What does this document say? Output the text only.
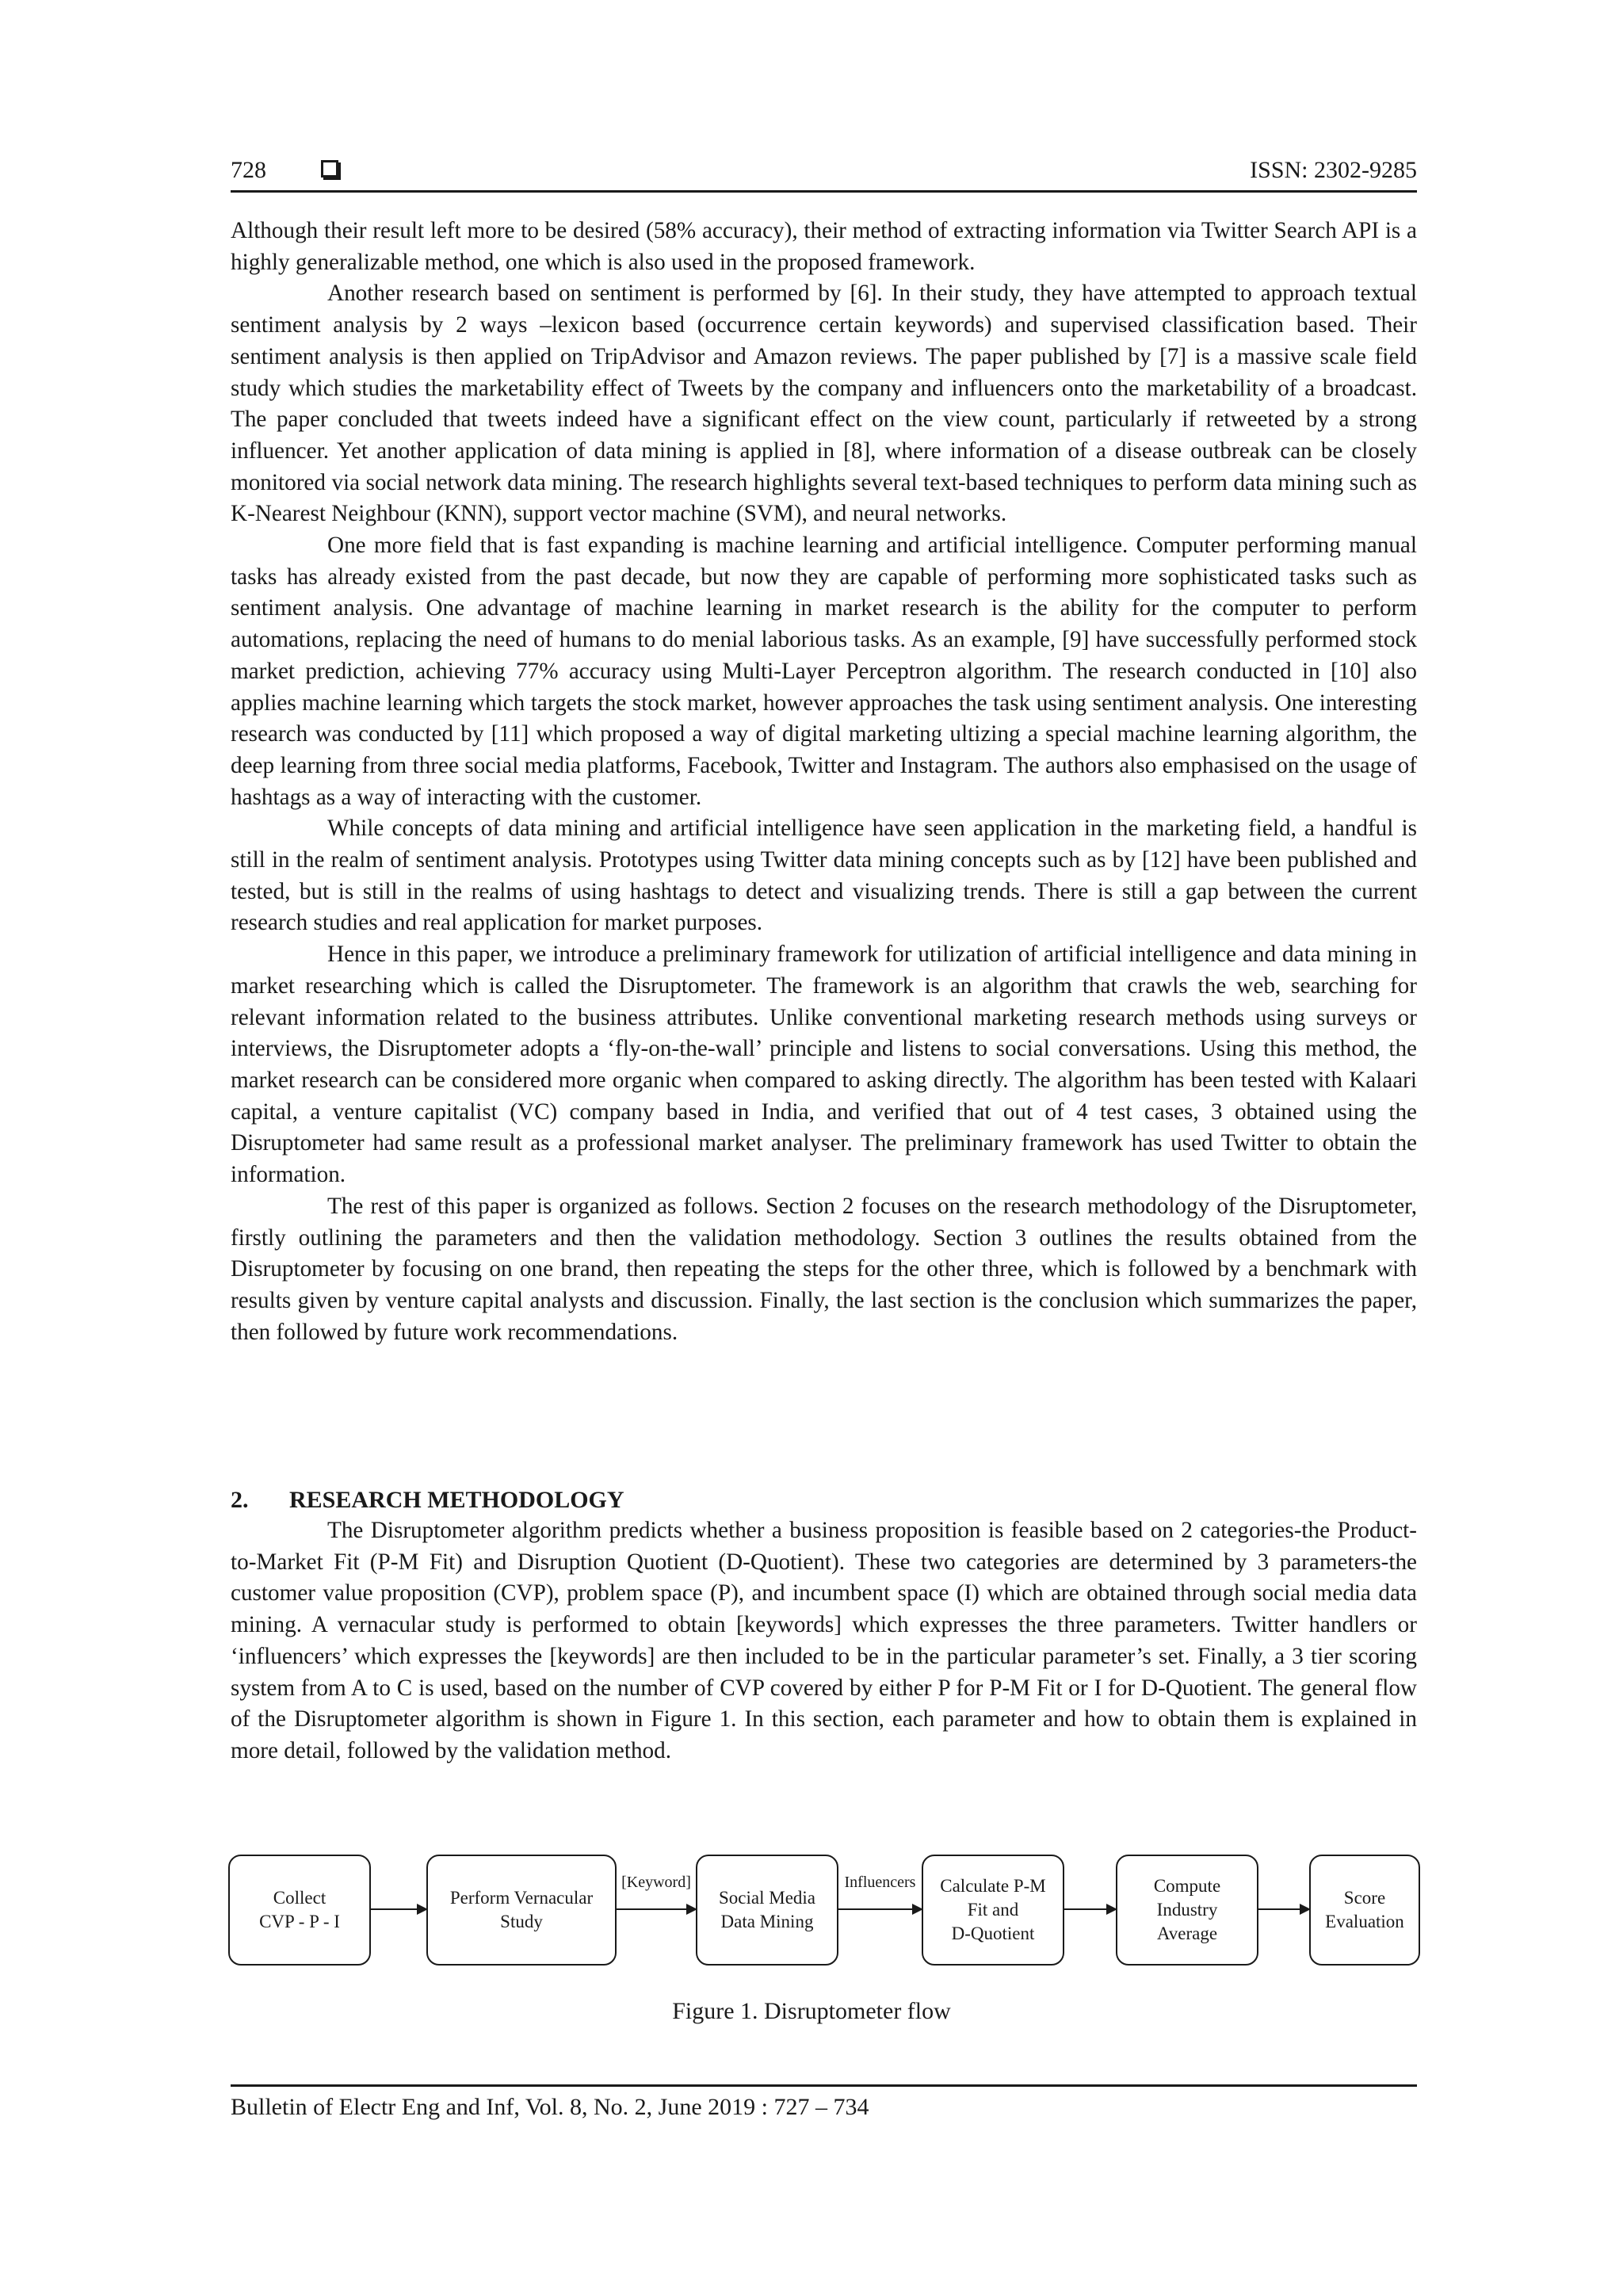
728	ISSN: 2302-9285

Although their result left more to be desired (58% accuracy), their method of extracting information via Twitter Search API is a highly generalizable method, one which is also used in the proposed framework.

Another research based on sentiment is performed by [6]. In their study, they have attempted to approach textual sentiment analysis by 2 ways –lexicon based (occurrence certain keywords) and supervised classification based. Their sentiment analysis is then applied on TripAdvisor and Amazon reviews. The paper published by [7] is a massive scale field study which studies the marketability effect of Tweets by the company and influencers onto the marketability of a broadcast. The paper concluded that tweets indeed have a significant effect on the view count, particularly if retweeted by a strong influencer. Yet another application of data mining is applied in [8], where information of a disease outbreak can be closely monitored via social network data mining. The research highlights several text-based techniques to perform data mining such as K-Nearest Neighbour (KNN), support vector machine (SVM), and neural networks.

One more field that is fast expanding is machine learning and artificial intelligence. Computer performing manual tasks has already existed from the past decade, but now they are capable of performing more sophisticated tasks such as sentiment analysis. One advantage of machine learning in market research is the ability for the computer to perform automations, replacing the need of humans to do menial laborious tasks. As an example, [9] have successfully performed stock market prediction, achieving 77% accuracy using Multi-Layer Perceptron algorithm. The research conducted in [10] also applies machine learning which targets the stock market, however approaches the task using sentiment analysis. One interesting research was conducted by [11] which proposed a way of digital marketing ultizing a special machine learning algorithm, the deep learning from three social media platforms, Facebook, Twitter and Instagram. The authors also emphasised on the usage of hashtags as a way of interacting with the customer.

While concepts of data mining and artificial intelligence have seen application in the marketing field, a handful is still in the realm of sentiment analysis. Prototypes using Twitter data mining concepts such as by [12] have been published and tested, but is still in the realms of using hashtags to detect and visualizing trends. There is still a gap between the current research studies and real application for market purposes.

Hence in this paper, we introduce a preliminary framework for utilization of artificial intelligence and data mining in market researching which is called the Disruptometer. The framework is an algorithm that crawls the web, searching for relevant information related to the business attributes. Unlike conventional marketing research methods using surveys or interviews, the Disruptometer adopts a ‘fly-on-the-wall’ principle and listens to social conversations. Using this method, the market research can be considered more organic when compared to asking directly. The algorithm has been tested with Kalaari capital, a venture capitalist (VC) company based in India, and verified that out of 4 test cases, 3 obtained using the Disruptometer had same result as a professional market analyser. The preliminary framework has used Twitter to obtain the information.

The rest of this paper is organized as follows. Section 2 focuses on the research methodology of the Disruptometer, firstly outlining the parameters and then the validation methodology. Section 3 outlines the results obtained from the Disruptometer by focusing on one brand, then repeating the steps for the other three, which is followed by a benchmark with results given by venture capital analysts and discussion. Finally, the last section is the conclusion which summarizes the paper, then followed by future work recommendations.

2. RESEARCH METHODOLOGY

The Disruptometer algorithm predicts whether a business proposition is feasible based on 2 categories-the Product-to-Market Fit (P-M Fit) and Disruption Quotient (D-Quotient). These two categories are determined by 3 parameters-the customer value proposition (CVP), problem space (P), and incumbent space (I) which are obtained through social media data mining. A vernacular study is performed to obtain [keywords] which expresses the three parameters. Twitter handlers or ‘influencers’ which expresses the [keywords] are then included to be in the particular parameter’s set. Finally, a 3 tier scoring system from A to C is used, based on the number of CVP covered by either P for P-M Fit or I for D-Quotient. The general flow of the Disruptometer algorithm is shown in Figure 1. In this section, each parameter and how to obtain them is explained in more detail, followed by the validation method.

Collect
CVP - P - I
Perform Vernacular
Study
[Keyword]
Social Media
Data Mining
Influencers	Calculate P-M
Fit and
D-Quotient
Compute
Industry
Average
Score
Evaluation
Figure 1. Disruptometer flow
Bulletin of Electr Eng and Inf, Vol. 8, No. 2, June 2019 : 727 – 734
